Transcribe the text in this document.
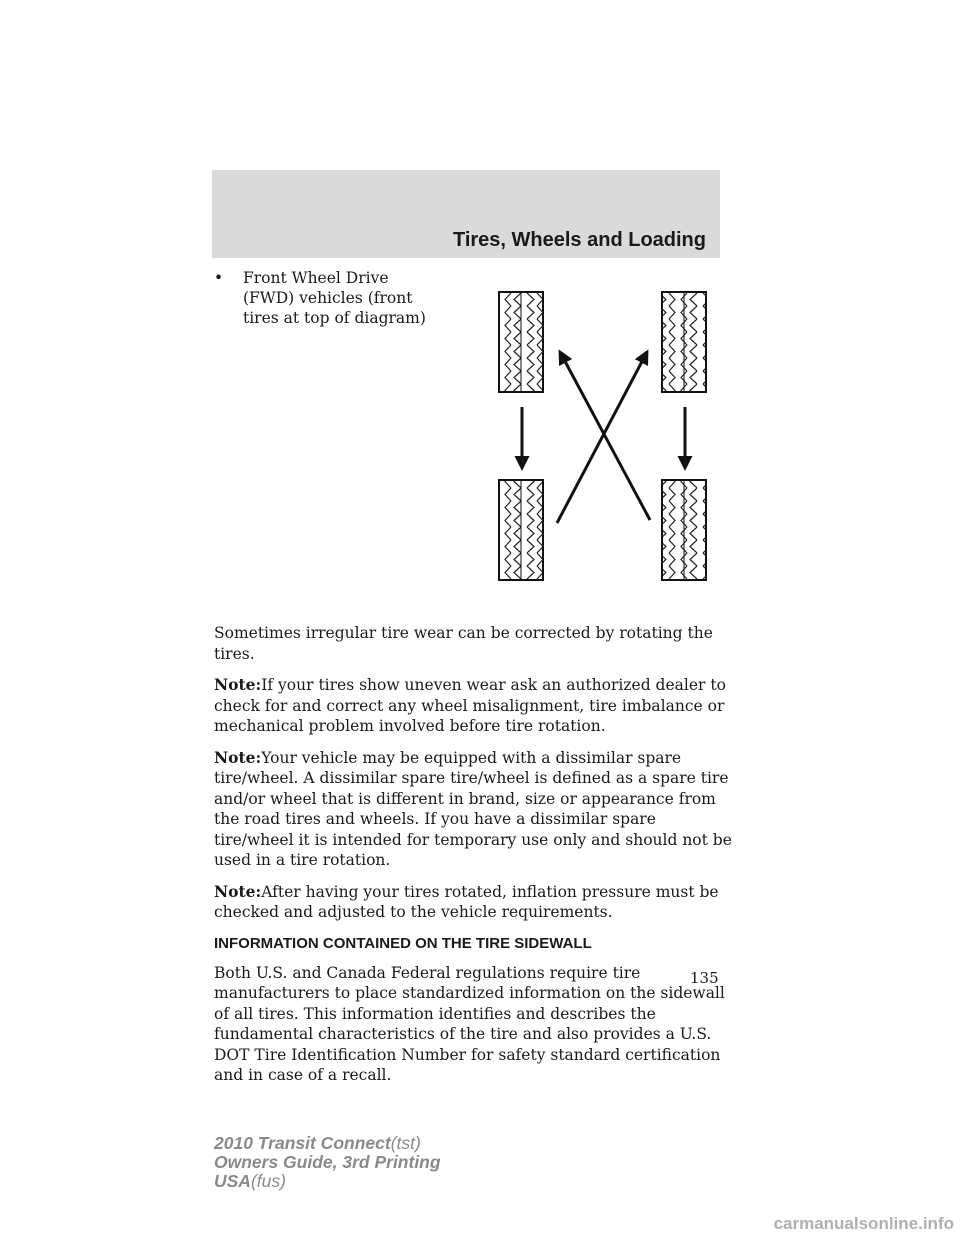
Tires, Wheels and Loading
•	Front Wheel Drive (FWD) vehicles (front tires at top of diagram)

Sometimes irregular tire wear can be corrected by rotating the tires.

Note:If your tires show uneven wear ask an authorized dealer to check for and correct any wheel misalignment, tire imbalance or mechanical problem involved before tire rotation.

Note:Your vehicle may be equipped with a dissimilar spare tire/wheel. A dissimilar spare tire/wheel is defined as a spare tire and/or wheel that is different in brand, size or appearance from the road tires and wheels. If you have a dissimilar spare tire/wheel it is intended for temporary use only and should not be used in a tire rotation.

Note:After having your tires rotated, inflation pressure must be checked and adjusted to the vehicle requirements.

INFORMATION CONTAINED ON THE TIRE SIDEWALL

Both U.S. and Canada Federal regulations require tire manufacturers to place standardized information on the sidewall of all tires. This information identifies and describes the fundamental characteristics of the tire and also provides a U.S. DOT Tire Identification Number for safety standard certification and in case of a recall.

135
2010 Transit Connect(tst)
Owners Guide, 3rd Printing
USA(fus)
carmanualsonline.info
